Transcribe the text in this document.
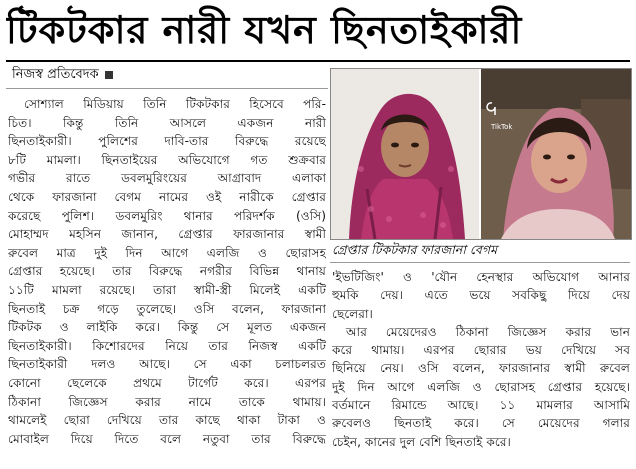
টিকটকার নারী যখন ছিনতাইকারী
নিজস্ব প্রতিবেদক
সোশ্যাল মিডিয়ায় তিনি টিকটকার হিসেবে পরি-
চিত। কিন্তু তিনি আসলে একজন নারী
ছিনতাইকারী। পুলিশের দাবি-তার বিরুদ্ধে রয়েছে
৮টি মামলা। ছিনতাইয়ের অভিযোগে গত শুক্রবার
গভীর রাতে ডবলমুরিংয়ের আগ্রাবাদ এলাকা
থেকে ফারজানা বেগম নামের ওই নারীকে গ্রেপ্তার
করেছে পুলিশ। ডবলমুরিং থানার পরিদর্শক (ওসি)
মোহাম্মদ মহসিন জানান, গ্রেপ্তার ফারজানার স্বামী
রুবেল মাত্র দুই দিন আগে এলজি ও ছোরাসহ
গ্রেপ্তার হয়েছে। তার বিরুদ্ধে নগরীর বিভিন্ন থানায়
১১টি মামলা রয়েছে। তারা স্বামী-স্ত্রী মিলেই একটি
ছিনতাই চক্র গড়ে তুলেছে। ওসি বলেন, ফারজানা
টিকটক ও লাইকি করে। কিন্তু সে মূলত একজন
ছিনতাইকারী। কিশোরদের নিয়ে তার নিজস্ব একটি
ছিনতাইকারী দলও আছে। সে একা চলাচলরত
কোনো ছেলেকে প্রথমে টার্গেট করে। এরপর
ঠিকানা জিজ্ঞেস করার নামে তাকে থামায়।
থামলেই ছোরা দেখিয়ে তার কাছে থাকা টাকা ও
মোবাইল দিয়ে দিতে বলে নতুবা তার বিরুদ্ধে
TikTok
গ্রেপ্তার টিকটকার ফারজানা বেগম
'ইভটিজিং' ও 'যৌন হেনস্থার অভিযোগ আনার
হুমকি দেয়। এতে ভয়ে সবকিছু দিয়ে দেয়
ছেলেরা।
আর মেয়েদেরও ঠিকানা জিজ্ঞেস করার ভান
করে থামায়। এরপর ছোরার ভয় দেখিয়ে সব
ছিনিয়ে নেয়। ওসি বলেন, ফারজানার স্বামী রুবেল
দুই দিন আগে এলজি ও ছোরাসহ গ্রেপ্তার হয়েছে।
বর্তমানে রিমান্ডে আছে। ১১ মামলার আসামি
রুবেলও ছিনতাই করে। সে মেয়েদের গলার
চেইন, কানের দুল বেশি ছিনতাই করে।
